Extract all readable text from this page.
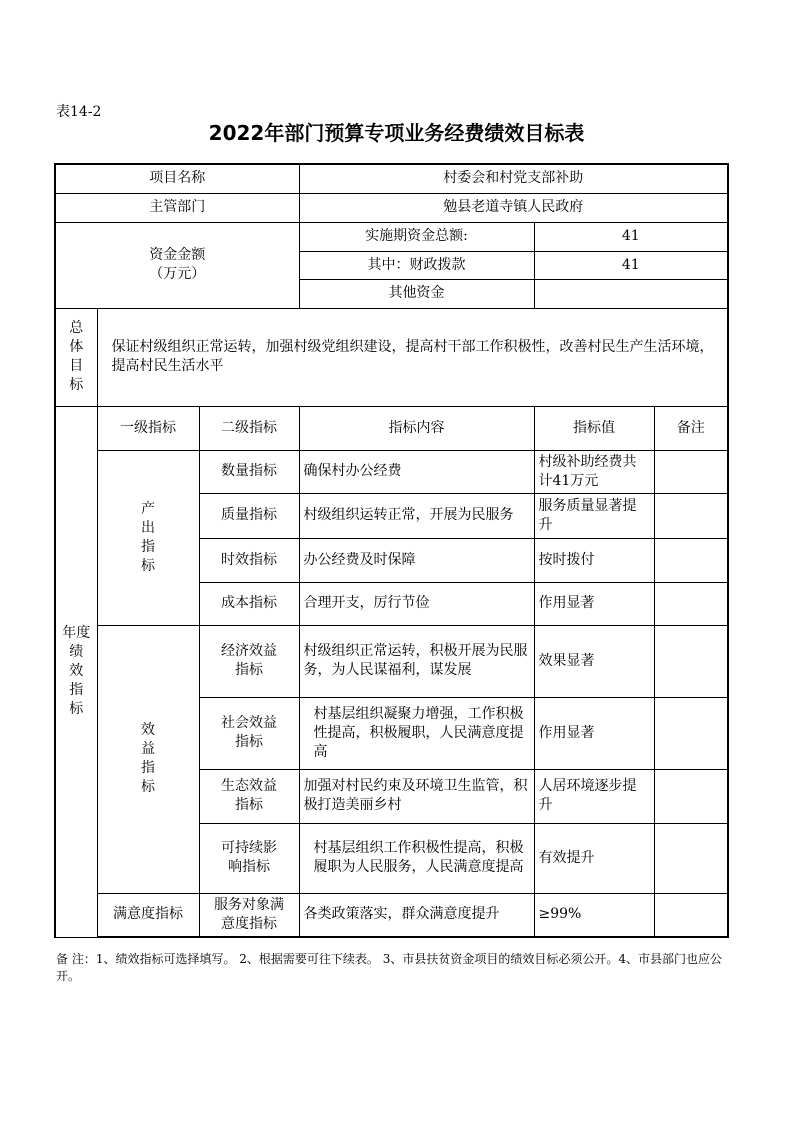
表14-2
2022年部门预算专项业务经费绩效目标表
项目名称			村委会和村党支部补助		
主管部门			勉县老道寺镇人民政府		

资金金额
（万元）			实施期资金总额:	41	
			其中：财政拨款	41	
			其他资金		

总
体
目
标	保证村级组织正常运转，加强村级党组织建设，提高村干部工作积极性，改善村民生产生活环境，提高村民生活水平				

年度
绩
效
指
标	一级指标	二级指标	指标内容	指标值	备注

	产
出
指
标	数量指标	确保村办公经费	村级补助经费共计41万元	
		质量指标	村级组织运转正常，开展为民服务	服务质量显著提升	
		时效指标	办公经费及时保障	按时拨付	
		成本指标	合理开支，厉行节俭	作用显著	

	效
益
指
标	经济效益指标	村级组织正常运转，积极开展为民服务，为人民谋福利，谋发展	效果显著	

		社会效益指标	村基层组织凝聚力增强，工作积极性提高，积极履职，人民满意度提高	作用显著	

		生态效益指标	加强对村民约束及环境卫生监管，积极打造美丽乡村	人居环境逐步提升	

		可持续影响指标	村基层组织工作积极性提高，积极履职为人民服务，人民满意度提高	有效提升	
	满意度指标	服务对象满意度指标	各类政策落实，群众满意度提升	≥99%	
备 注：1、绩效指标可选择填写。 2、根据需要可往下续表。 3、市县扶贫资金项目的绩效目标必须公开。4、市县部门也应公开。
